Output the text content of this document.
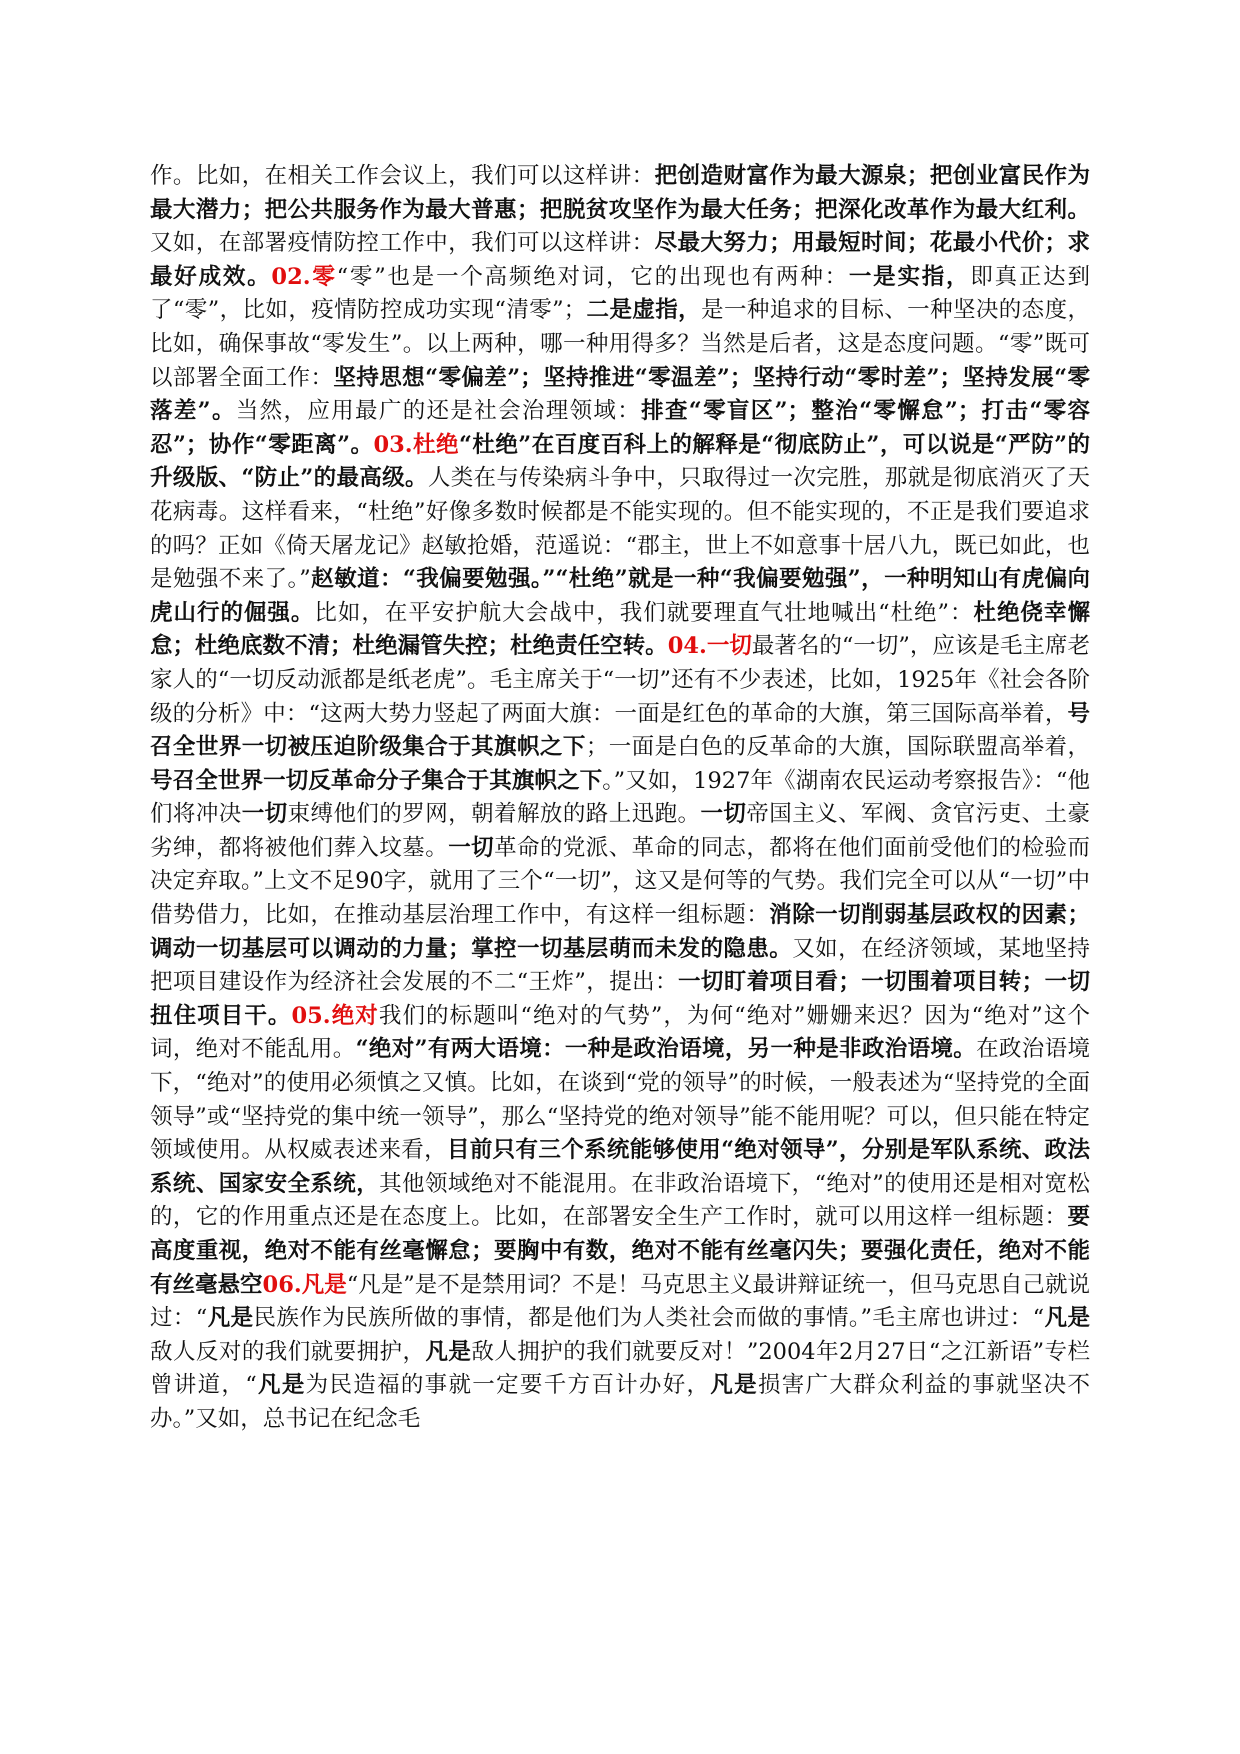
作。比如，在相关工作会议上，我们可以这样讲：把创造财富作为最大源泉；把创业富民作为最大潜力；把公共服务作为最大普惠；把脱贫攻坚作为最大任务；把深化改革作为最大红利。又如，在部署疫情防控工作中，我们可以这样讲：尽最大努力；用最短时间；花最小代价；求最好成效。02.零“零”也是一个高频绝对词，它的出现也有两种：一是实指，即真正达到了“零”，比如，疫情防控成功实现“清零”；二是虚指，是一种追求的目标、一种坚决的态度，比如，确保事故“零发生”。以上两种，哪一种用得多？当然是后者，这是态度问题。“零”既可以部署全面工作：坚持思想“零偏差”；坚持推进“零温差”；坚持行动“零时差”；坚持发展“零落差”。当然，应用最广的还是社会治理领域：排查“零盲区”；整治“零懈怠”；打击“零容忍”；协作“零距离”。03.杜绝“杜绝”在百度百科上的解释是“彻底防止”，可以说是“严防”的升级版、“防止”的最高级。人类在与传染病斗争中，只取得过一次完胜，那就是彻底消灭了天花病毒。这样看来，“杜绝”好像多数时候都是不能实现的。但不能实现的，不正是我们要追求的吗？正如《倚天屠龙记》赵敏抢婚，范遥说：“郡主，世上不如意事十居八九，既已如此，也是勉强不来了。”赵敏道：“我偏要勉强。”“杜绝”就是一种“我偏要勉强”，一种明知山有虎偏向虎山行的倔强。比如，在平安护航大会战中，我们就要理直气壮地喊出“杜绝”：杜绝侥幸懈怠；杜绝底数不清；杜绝漏管失控；杜绝责任空转。04.一切最著名的“一切”，应该是毛主席老家人的“一切反动派都是纸老虎”。毛主席关于“一切”还有不少表述，比如，1925年《社会各阶级的分析》中：“这两大势力竖起了两面大旗：一面是红色的革命的大旗，第三国际高举着，号召全世界一切被压迫阶级集合于其旗帜之下；一面是白色的反革命的大旗，国际联盟高举着，号召全世界一切反革命分子集合于其旗帜之下。”又如，1927年《湖南农民运动考察报告》：“他们将冲决一切束缚他们的罗网，朝着解放的路上迅跑。一切帝国主义、军阀、贪官污吏、土豪劣绅，都将被他们葬入坟墓。一切革命的党派、革命的同志，都将在他们面前受他们的检验而决定弃取。”上文不足90字，就用了三个“一切”，这又是何等的气势。我们完全可以从“一切”中借势借力，比如，在推动基层治理工作中，有这样一组标题：消除一切削弱基层政权的因素；调动一切基层可以调动的力量；掌控一切基层萌而未发的隐患。又如，在经济领域，某地坚持把项目建设作为经济社会发展的不二“王炸”，提出：一切盯着项目看；一切围着项目转；一切扭住项目干。05.绝对我们的标题叫“绝对的气势”，为何“绝对”姗姗来迟？因为“绝对”这个词，绝对不能乱用。“绝对”有两大语境：一种是政治语境，另一种是非政治语境。在政治语境下，“绝对”的使用必须慎之又慎。比如，在谈到“党的领导”的时候，一般表述为“坚持党的全面领导”或“坚持党的集中统一领导”，那么“坚持党的绝对领导”能不能用呢？可以，但只能在特定领域使用。从权威表述来看，目前只有三个系统能够使用“绝对领导”，分别是军队系统、政法系统、国家安全系统，其他领域绝对不能混用。在非政治语境下，“绝对”的使用还是相对宽松的，它的作用重点还是在态度上。比如，在部署安全生产工作时，就可以用这样一组标题：要高度重视，绝对不能有丝毫懈怠；要胸中有数，绝对不能有丝毫闪失；要强化责任，绝对不能有丝毫悬空06.凡是“凡是”是不是禁用词？不是！马克思主义最讲辩证统一，但马克思自己就说过：“凡是民族作为民族所做的事情，都是他们为人类社会而做的事情。”毛主席也讲过：“凡是敌人反对的我们就要拥护，凡是敌人拥护的我们就要反对！”2004年2月27日“之江新语”专栏曾讲道，“凡是为民造福的事就一定要千方百计办好，凡是损害广大群众利益的事就坚决不办。”又如，总书记在纪念毛
